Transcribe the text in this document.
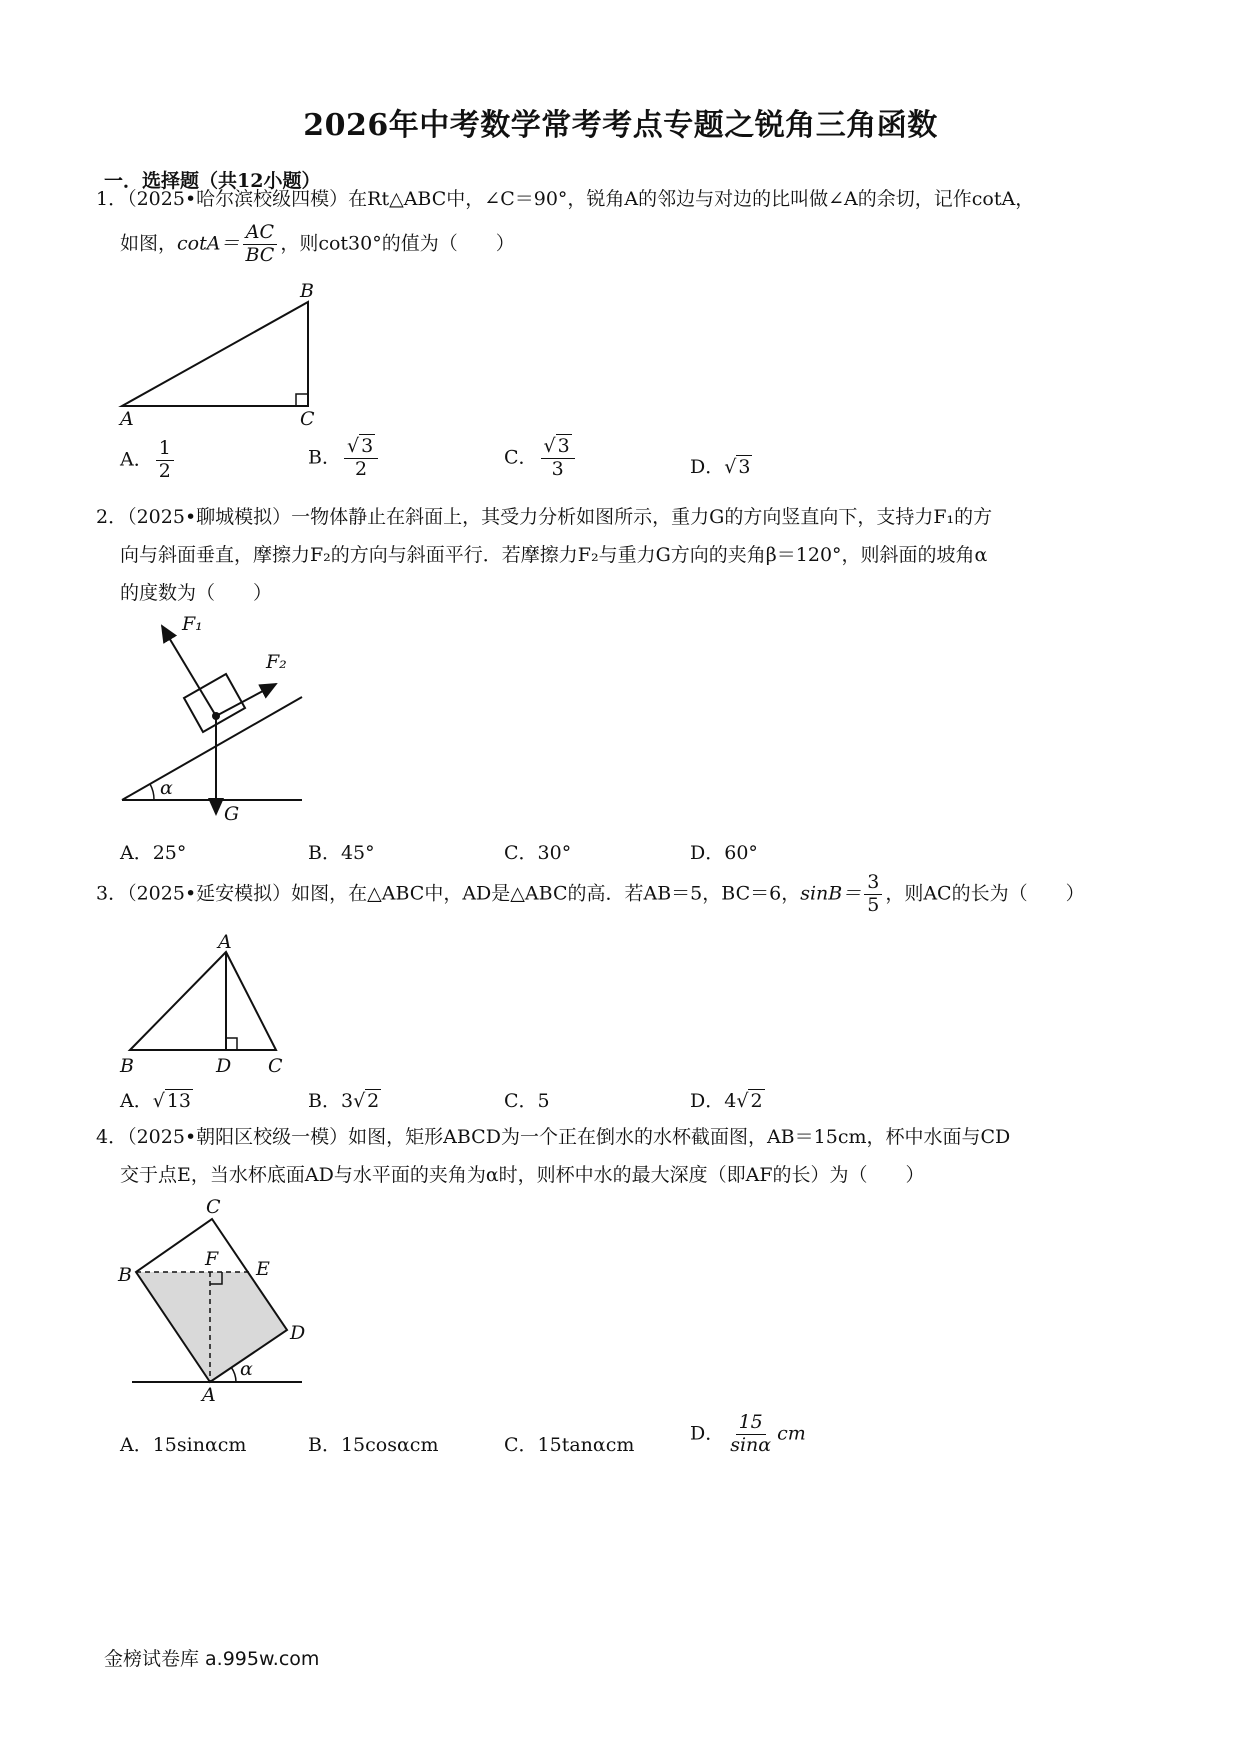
2026年中考数学常考考点专题之锐角三角函数
一．选择题（共12小题）
1．（2025•哈尔滨校级四模）在Rt△ABC中，∠C＝90°，锐角A的邻边与对边的比叫做∠A的余切，记作cotA，
如图，$\cot A= \frac{AC}{BC}$ ，则cot30°的值为（　　）
B
A	C
A． $\frac{1}{2}$	B． $\frac{√ 3}{2}$	C． $\frac{√ 3}{3}$	D．√ 3
2．（2025•聊城模拟）一物体静止在斜面上，其受力分析如图所示，重力G的方向竖直向下，支持力F₁的方
向与斜面垂直，摩擦力F₂的方向与斜面平行．若摩擦力F₂与重力G方向的夹角β＝120°，则斜面的坡角α
的度数为（　　）
F₁
F₂
G
α
A．25°	B．45°	C．30°	D．60°
3．（2025•延安模拟）如图，在△ABC中，AD是△ABC的高．若AB＝5，BC＝6，$\sin B= \frac{3}{5}$ ，则AC的长为（　　）
A
B	D C
A．√ 13	B．3√ 2	C．5	D．4√ 2
4．（2025•朝阳区校级一模）如图，矩形ABCD为一个正在倒水的水杯截面图，AB＝15cm，杯中水面与CD
交于点E，当水杯底面AD与水平面的夹角为α时，则杯中水的最大深度（即AF的长）为（　　）
C
B
F E
D
A
α
A．15sinαcm	B．15cosαcm	C．15tanαcm
D． $\frac{15}{\sin\alpha}$ cm
金榜试卷库 a.995w.com
